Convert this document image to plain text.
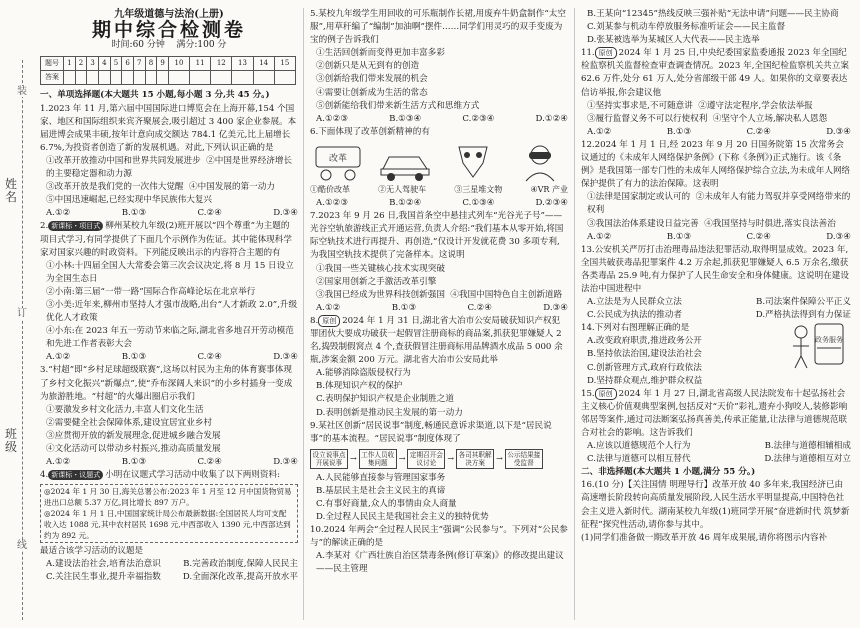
姓名
班级
装
订
线
九年级道德与法治(上册)
期中综合检测卷
时间:60 分钟 满分:100 分
题号	1	2	3	4	5	6	7	8	9	10	11	12	13	14	15
答案															
一、单项选择题(本大题共 15 小题,每小题 3 分,共 45 分。)

1.2023 年 11 月,第六届中国国际进口博览会在上海开幕,154 个国家、地区和国际组织来宾齐聚展会,吸引超过 3 400 家企业参展。本届进博会成果丰硕,按年计意向成交额达 784.1 亿美元,比上届增长 6.7%,为投资者创造了新的发展机遇。对此,下列认识正确的是

①改革开放推动中国和世界共同发展进步 ②中国是世界经济增长的主要稳定器和动力源

③改革开放是我们党的一次伟大觉醒 ④中国发展的第一动力

⑤中国迅速崛起,已经实现中华民族伟大复兴

A.①②	B.①③	C.②④	D.③④

2. 新课标・项目式 柳州某校九年级(2)班开展以“四个尊重”为主题的项目式学习,有同学提供了下面几个示例作为佐证。其中能体现科学家对国家兴趣的时政资料。下列能反映出示的内容符合主题的有

①小林:十四届全国人大常委会第三次会议决定,将 8 月 15 日设立为全国生态日

②小南:第三届“一带一路”国际合作高峰论坛在北京举行

③小美:近年来,柳州市坚持人才强市战略,出台“人才新政 2.0”,升级优化人才政策

④小东:在 2023 年五一劳动节来临之际,湖北省多地召开劳动模范和先进工作者表彰大会

A.①②	B.①③	C.②④	D.③④

3.“村超”即“乡村足球超级联赛”,这场以村民为主角的体育赛事体现了乡村文化振兴“新爆点”,使“乔布深阔人来识”的小乡村插身一变成为旅游胜地。“村超”的火爆出圈启示我们

①要激发乡村文化活力,丰富人们文化生活

②需要健全社会保障体系,建设宜居宜业乡村

③应贯彻开放的新发展理念,促进城乡融合发展

④文化活动可以带动乡村振兴,推动高质量发展

A.①②	B.①③	C.②④	D.③④

4. 新课标・议题式 小明在议题式学习活动中收集了以下两则资料:

◎2024 年 1 月 30 日,海关总署公布:2023 年 1 月至 12 月中国货物贸易进出口总额 5.37 万亿,同比增长 897 万户。
◎2024 年 1 月 1 日,中国国家统计局公布最新数据:全国居民人均可支配收入达 1088 元,其中农村居民 1698 元,中西部收入 1390 元,中西部达到约为 892 元。

最适合该学习活动的议题是

A.建设法治社会,培育法治意识	B.完善政治制度,保障人民民主
C.关注民生事业,提升幸福指数	D.全面深化改革,提高开放水平

5.某校九年级学生用回收的可乐瓶制作长裙,用废弃牛奶盒制作“太空服”,用草秆编了“编制”加油啊”摆件……同学们用灵巧的双手变废为宝的例子告诉我们

①生活回创新而变得更加丰富多彩

②创新只是从无到有的创造

③创新给我们带来发展的机会

④需要让创新成为生活的常态

⑤创新能给我们带来新生活方式和思维方式

A.①②③	B.①③④	C.②③④	D.①②④

6.下面体现了改革创新精神的有

改革
①酷价改革	②无人驾驶车	③三星堆文物	④VR 产业
A.①②③	B.①②④	C.①③④	D.②③④

7.2023 年 9 月 26 日,我国首条空中悬挂式列车“光谷光子号”——光谷空轨旅游线正式开通运营,负责人介绍:“我们基本从零开始,将国际空轨技术进行再提升、再创造,”仅设计开发就花费 30 多项专利,为我国空轨技术提供了完备样本。这说明

①我国一些关键核心技术实现突破

②国家用创新之手激活改革引擎

③我国已经成为世界科技创新强国 ④我国中国特色自主创新道路

A.①②	B.①③	C.②④	D.③④

8. 原创 2024 年 1 月 31 日,湖北省大冶市公安局破获知识产权犯罪团伙大要成功破获一起假冒注册商标的商品案,抓获犯罪嫌疑人 2 名,捣毁制假窝点 4 个,查获假冒注册商标用品牌酒水成品 5 000 余瓶,涉案金额 200 万元。湖北省大冶市公安局此举

A.能够消除盗版侵权行为

B.体现知识产权的保护

C.表明保护知识产权是企业制胜之道

D.表明创新是推动民主发展的第一动力

9.某社区创新“居民说事”制度,畅通民意诉求渠道,以下是“居民说事”的基本流程。“居民说事”制度体现了

设立说事点开展说事 → 工作人员收集问题	→ 定期召开会议讨论	→ 各司其职解决方案	→ 公示结果接受监督

A.人民能够直接参与管理国家事务

B.基层民主是社会主义民主的真谛

C.有事好商量,众人的事情由众人商量

D.全过程人民民主是我国社会主义的独特优势

10.2024 年两会“全过程人民民主”强调“公民参与”。下列对“公民参与”的解读正确的是

A.李某对《广西壮族自治区禁毒条例(修订草案)》的修改提出建议——民主管理

B.王某向“12345”热线反映三强补贴“无法申请”问题——民主协商

C.刘某参与机动车停放服务标准听证会——民主监督

D.张某被选举为某城区人大代表——民主选举

11. 原创 2024 年 1 月 25 日,中央纪委国家监委通报 2023 年全国纪检监察机关监督检查审查调查情况。2023 年,全国纪检监察机关共立案 62.6 万件,处分 61 万人,处分省部级干部 49 人。如果你的文章要表达信访举报,你会建议他

①坚持实事求是,不可随意讲 ②遵守法定程序,学会依法举报

③履行监督义务不可以行使权利 ④坚守个人立场,解决私人恩怨

A.①②	B.①③	C.②④	D.③④

12.2024 年 1 月 1 日,经 2023 年 9 月 20 日国务院第 15 次常务会议通过的《未成年人网络保护条例》(下称《条例》)正式施行。该《条例》是我国第一部专门性的未成年人网络保护综合立法,为未成年人网络保护提供了有力的法治保障。这表明

①法律是国家制定或认可的 ②未成年人有能力驾驭并享受网络带来的权利

③我国法治体系建设日益完善 ④我国坚持与时俱进,落实良法善治

A.①②	B.①③	C.②④	D.③④

13.公安机关严厉打击治理毒品违法犯罪活动,取得明显成效。2023 年,全国共破获毒品犯罪案件 4.2 万余起,抓获犯罪嫌疑人 6.5 万余名,缴获各类毒品 25.9 吨,有力保护了人民生命安全和身体健康。这说明在建设法治中国进程中

A.立法是为人民群众立法	B.司法案件保障公平正义
C.公民成为执法的推动者	D.严格执法得到有力保证

14.下列对右图理解正确的是

A.改变政府职责,推进政务公开

B.坚持依法治国,建设法治社会

C.创新管理方式,政府行政依法

D.坚持群众观点,维护群众权益

政务服务

15. 原创 2024 年 1 月 27 日,湖北省高级人民法院发布十起弘扬社会主义核心价值观典型案例,包括反对“天价”彩礼,遗弃小狗咬人,装修影响邻居等案件,通过司法断案弘扬真善美,传承正能量,让法律与道德规范联合对社会的影响。这告诉我们

A.应该以道德规范个人行为	B.法律与道德相辅相成
C.法律与道德可以相互替代	D.法律与道德相互对立
二、非选择题(本大题共 1 小题,满分 55 分。)

16.(10 分)【关注国情 明理导行】改革开放 40 多年来,我国经济已由高速增长阶段转向高质量发展阶段,人民生活水平明显提高,中国特色社会主义进入新时代。湖南某校九年级(1)班同学开展“奋进新时代 筑梦新征程”探究性活动,请你参与其中。

(1)同学们准备做一期改革开放 46 周年成果展,请你将图示内容补
